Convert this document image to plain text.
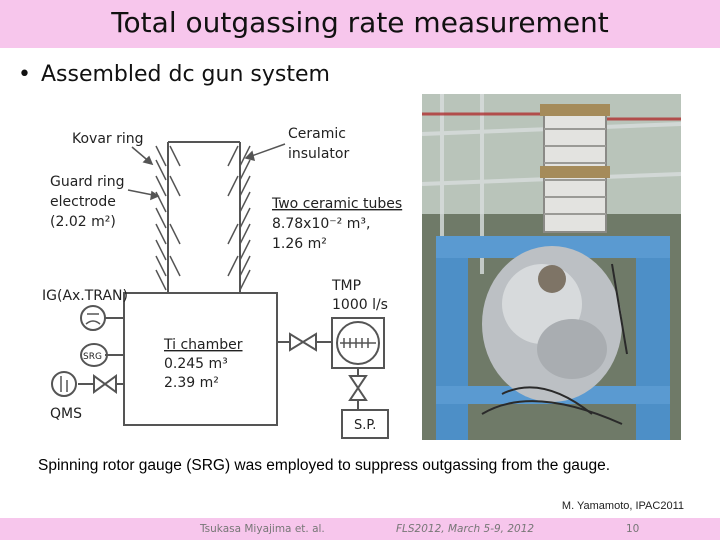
Total outgassing rate measurement
• Assembled dc gun system
Kovar ring	Ceramic
insulator
Guard ring
electrode
(2.02 m²)
Two ceramic tubes
8.78x10⁻² m³,
1.26 m²
IG(Ax.TRAN)
SRG
QMS
TMP
1000 l/s
Ti chamber
0.245 m³
2.39 m²
S.P.
Spinning rotor gauge (SRG) was employed to suppress outgassing from the gauge.
M. Yamamoto, IPAC2011
Tsukasa Miyajima et. al.	FLS2012, March 5-9, 2012	10
